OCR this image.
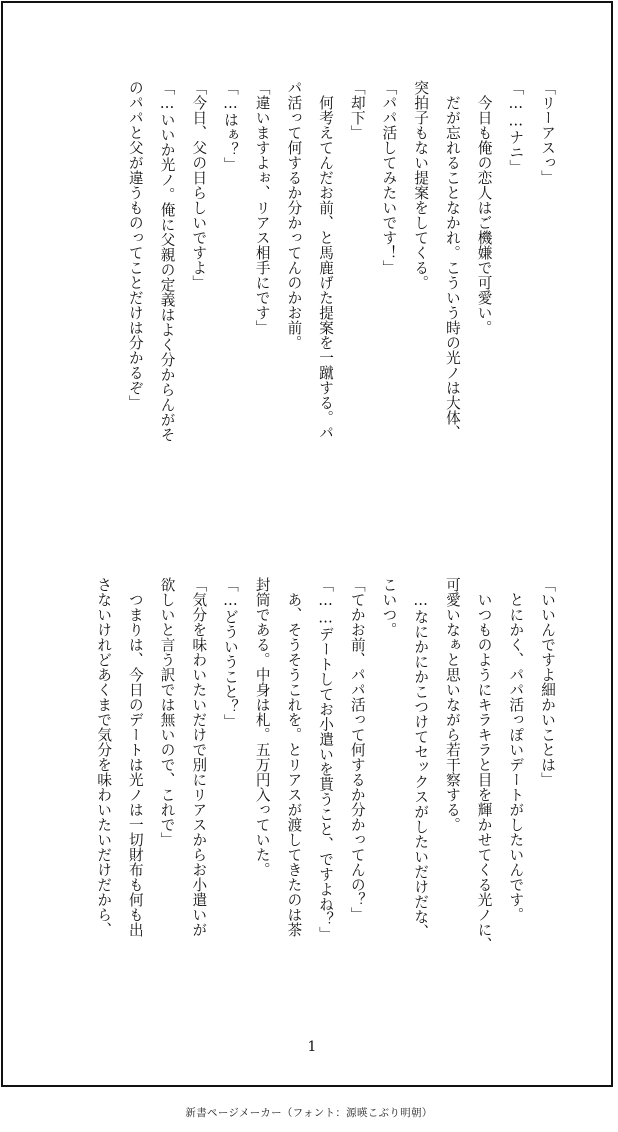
「リーアスっ」

「……ナニ」

　今日も俺の恋人はご機嫌で可愛い。

　だが忘れることなかれ。こういう時の光ノは大体、

突拍子もない提案をしてくる。

「パパ活してみたいです！」

「却下」

　何考えてんだお前、と馬鹿げた提案を一蹴する。パ

パ活って何するか分かってんのかお前。

「違いますよぉ、リアス相手にです」

「…はぁ？」

「今日、父の日らしいですよ」

「…いいか光ノ。俺に父親の定義はよく分からんがそ

のパパと父が違うものってことだけは分かるぞ」

「いいんですよ細かいことは」

　とにかく、パパ活っぽいデートがしたいんです。

　いつものようにキラキラと目を輝かせてくる光ノに、

可愛いなぁと思いながら若干察する。

　…なにかにかこつけてセックスがしたいだけだな、

こいつ。

「てかお前、パパ活って何するか分かってんの？」

「……デートしてお小遣いを貰うこと、ですよね？」

　あ、そうそうこれを。とリアスが渡してきたのは茶

封筒である。中身は札。五万円入っていた。

「…どういうこと？」

「気分を味わいたいだけで別にリアスからお小遣いが

欲しいと言う訳では無いので、これで」

　つまりは、今日のデートは光ノは一切財布も何も出

さないけれどあくまで気分を味わいたいだけだから、

1
新書ページメーカー（フォント：源暎こぶり明朝）
